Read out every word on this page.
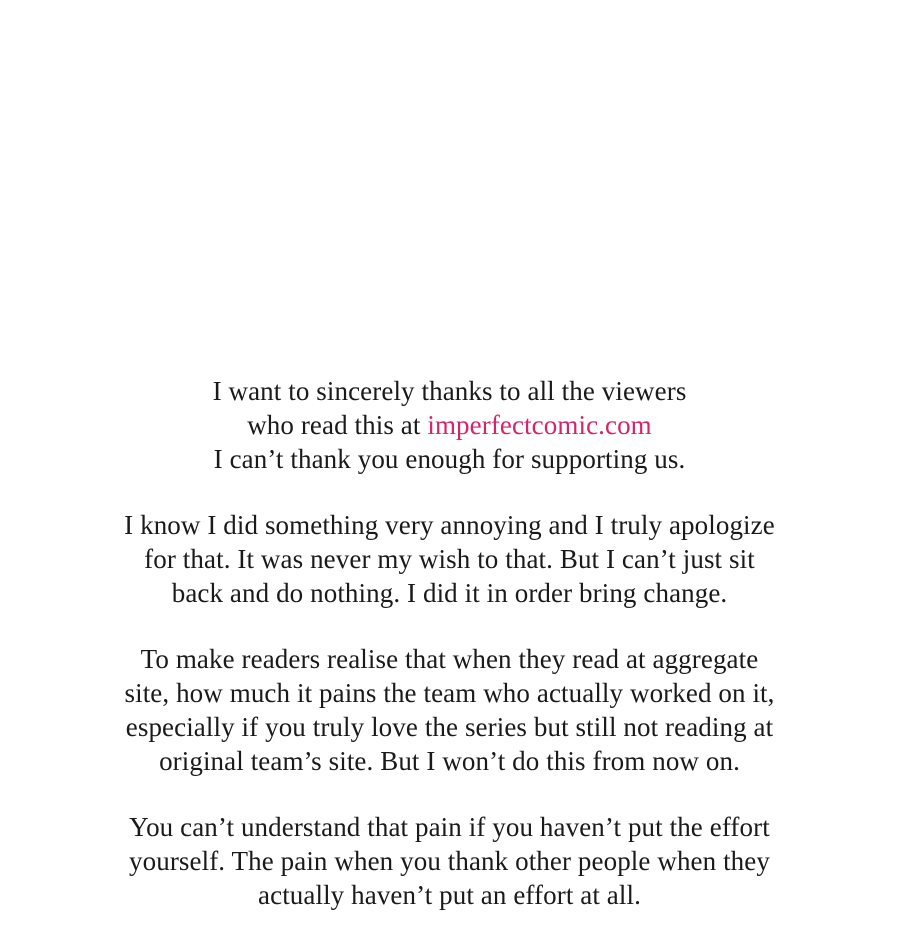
I want to sincerely thanks to all the viewers
who read this at imperfectcomic.com
I can’t thank you enough for supporting us.

I know I did something very annoying and I truly apologize
for that. It was never my wish to that. But I can’t just sit
back and do nothing. I did it in order bring change.

To make readers realise that when they read at aggregate
site, how much it pains the team who actually worked on it,
especially if you truly love the series but still not reading at
original team’s site. But I won’t do this from now on.

You can’t understand that pain if you haven’t put the effort
yourself. The pain when you thank other people when they
actually haven’t put an effort at all.
